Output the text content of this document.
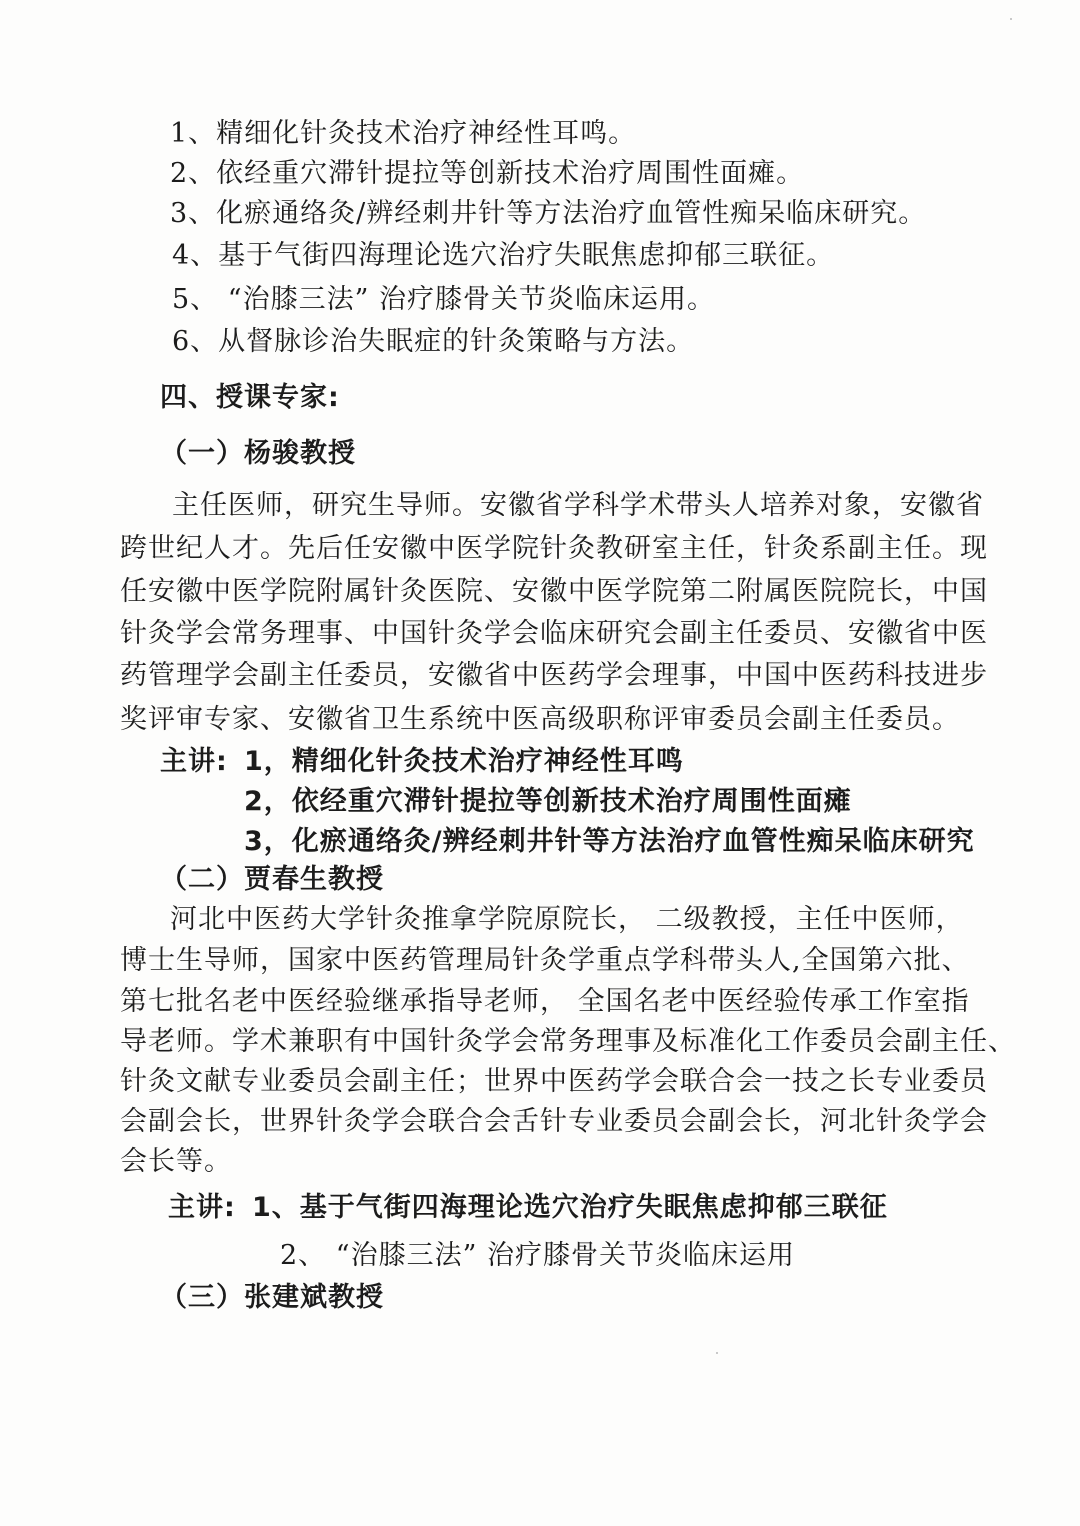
1、精细化针灸技术治疗神经性耳鸣。
2、依经重穴滞针提拉等创新技术治疗周围性面瘫。
3、化瘀通络灸/辨经刺井针等方法治疗血管性痴呆临床研究。
4、基于气街四海理论选穴治疗失眠焦虑抑郁三联征。
5、 “治膝三法” 治疗膝骨关节炎临床运用。
6、从督脉诊治失眠症的针灸策略与方法。
四、授课专家:
（一）杨骏教授
主任医师，研究生导师。安徽省学科学术带头人培养对象，安徽省
跨世纪人才。先后任安徽中医学院针灸教研室主任，针灸系副主任。现
任安徽中医学院附属针灸医院、安徽中医学院第二附属医院院长，中国
针灸学会常务理事、中国针灸学会临床研究会副主任委员、安徽省中医
药管理学会副主任委员，安徽省中医药学会理事，中国中医药科技进步
奖评审专家、安徽省卫生系统中医高级职称评审委员会副主任委员。
主讲: 1，精细化针灸技术治疗神经性耳鸣
2，依经重穴滞针提拉等创新技术治疗周围性面瘫
3，化瘀通络灸/辨经刺井针等方法治疗血管性痴呆临床研究
（二）贾春生教授
河北中医药大学针灸推拿学院原院长， 二级教授，主任中医师，
博士生导师，国家中医药管理局针灸学重点学科带头人,全国第六批、
第七批名老中医经验继承指导老师， 全国名老中医经验传承工作室指
导老师。学术兼职有中国针灸学会常务理事及标准化工作委员会副主任、
针灸文献专业委员会副主任；世界中医药学会联合会一技之长专业委员
会副会长，世界针灸学会联合会舌针专业委员会副会长，河北针灸学会
会长等。
主讲: 1、基于气街四海理论选穴治疗失眠焦虑抑郁三联征
2、 “治膝三法” 治疗膝骨关节炎临床运用
（三）张建斌教授
